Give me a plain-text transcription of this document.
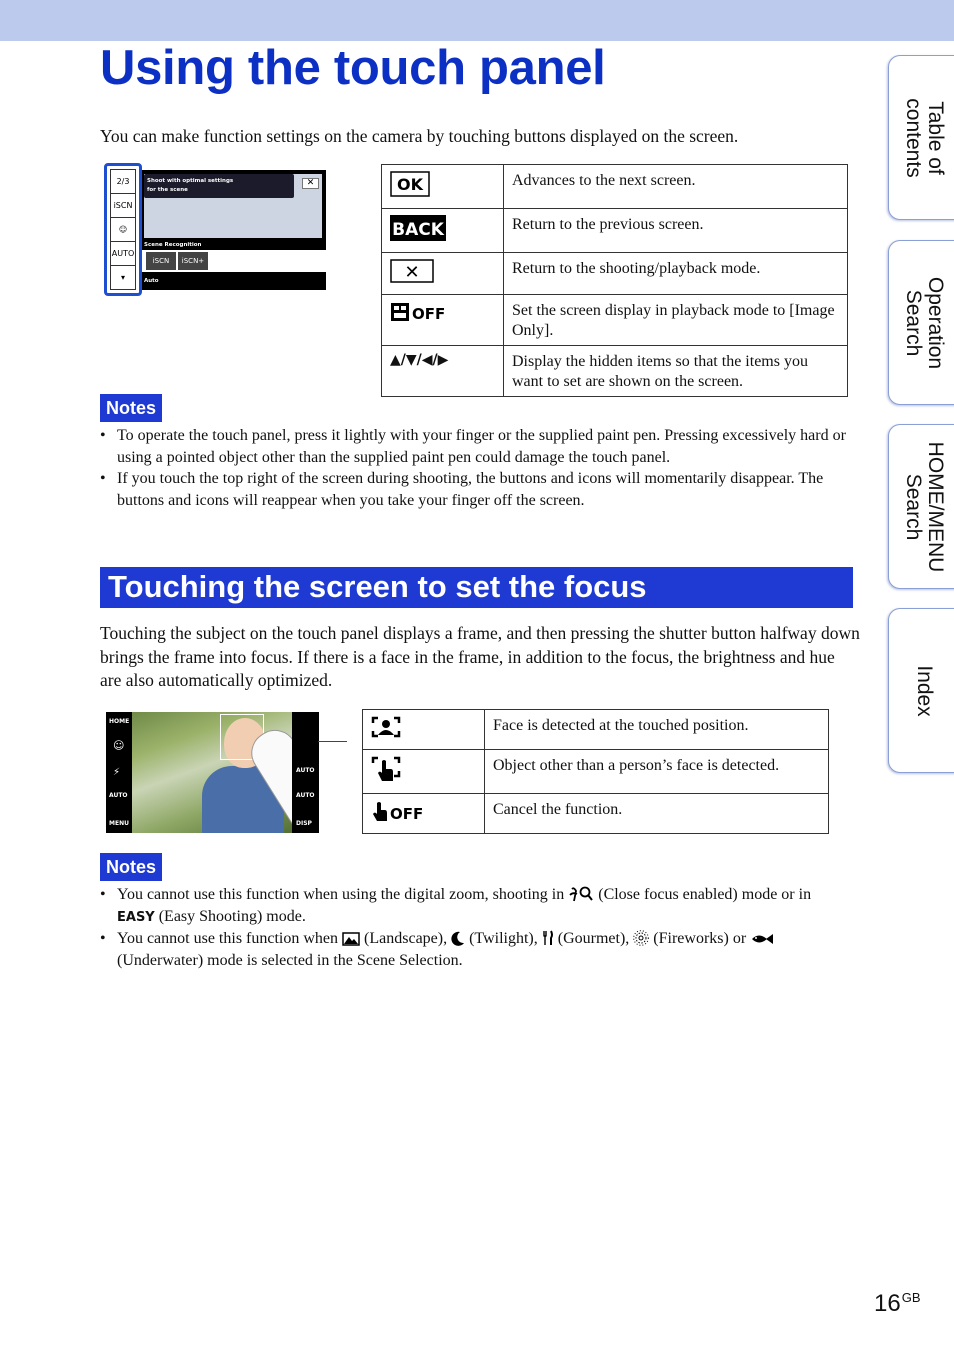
Using the touch panel

You can make function settings on the camera by touching buttons displayed on the screen.

Shoot with optimal settings
for the scene
✕
Scene Recognition
iSCN	iSCN+
Auto
2/3
iSCN
☺
AUTO
▾
OK	Advances to the next screen.

BACK	Return to the previous screen.

✕	Return to the shooting/playback mode.

OFF	Set the screen display in playback mode to [Image Only].
▲/▼/◀/▶	Display the hidden items so that the items you want to set are shown on the screen.
Notes
• To operate the touch panel, press it lightly with your finger or the supplied paint pen. Pressing excessively hard or using a pointed object other than the supplied paint pen could damage the touch panel.
• If you touch the top right of the screen during shooting, the buttons and icons will momentarily disappear. The buttons and icons will reappear when you take your finger off the screen.
Touching the screen to set the focus

Touching the subject on the touch panel displays a frame, and then pressing the shutter button halfway down brings the frame into focus. If there is a face in the frame, in addition to the focus, the brightness and hue are also automatically optimized.

HOME
☺
⚡
AUTO
MENU
AUTO
AUTO
DISP
	Face is detected at the touched position.
	Object other than a person’s face is detected.

OFF	Cancel the function.
Notes
• You cannot use this function when using the digital zoom, shooting in (Close focus enabled) mode or in EASY (Easy Shooting) mode.
• You cannot use this function when (Landscape), (Twilight), (Gourmet), (Fireworks) or  (Underwater) mode is selected in the Scene Selection.
Table of
contents
Operation
Search
HOME/MENU
Search
Index
$16^{GB}$
